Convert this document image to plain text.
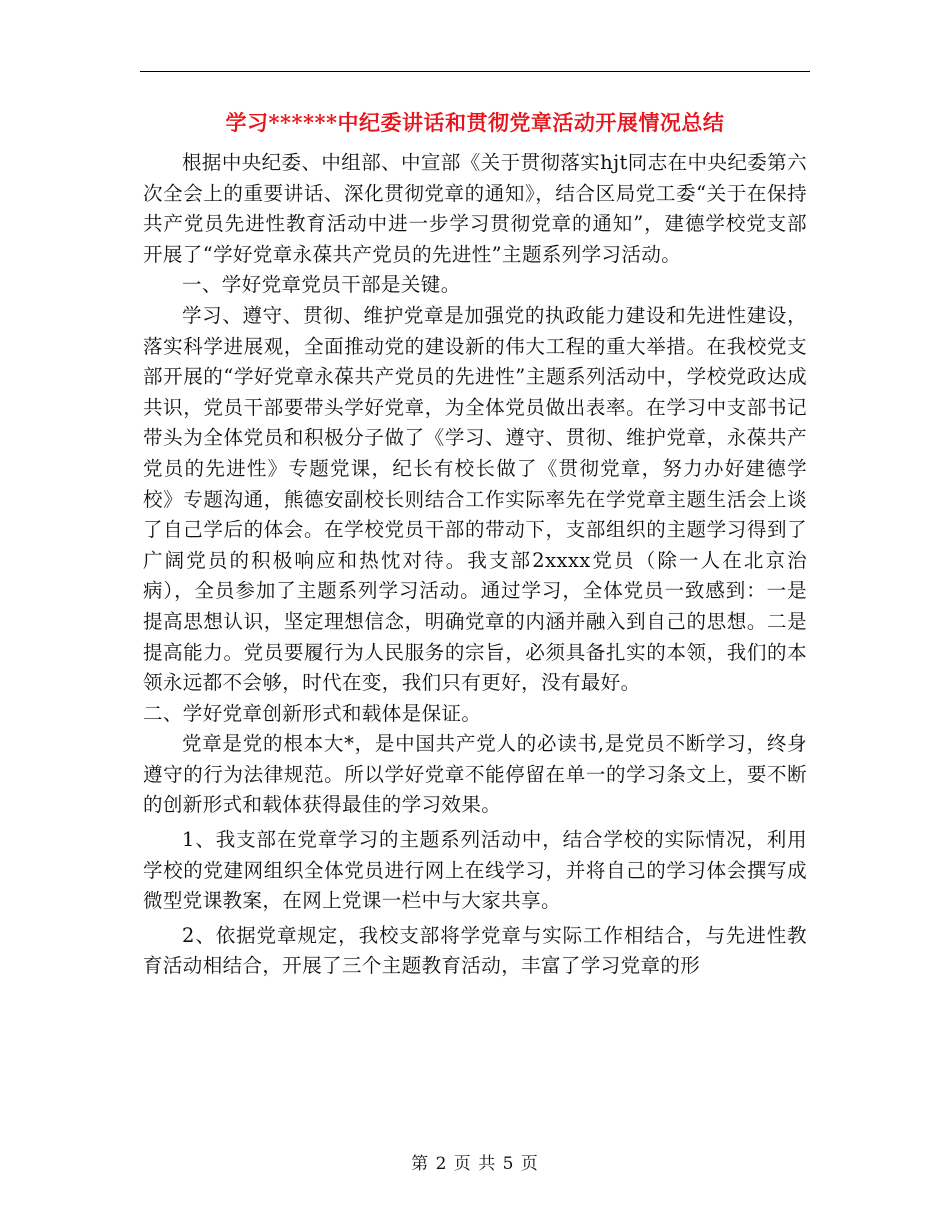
学习******中纪委讲话和贯彻党章活动开展情况总结

根据中央纪委、中组部、中宣部《关于贯彻落实hjt同志在中央纪委第六次全会上的重要讲话、深化贯彻党章的通知》，结合区局党工委“关于在保持共产党员先进性教育活动中进一步学习贯彻党章的通知”，建德学校党支部开展了“学好党章永葆共产党员的先进性”主题系列学习活动。

一、学好党章党员干部是关键。

学习、遵守、贯彻、维护党章是加强党的执政能力建设和先进性建设，落实科学进展观，全面推动党的建设新的伟大工程的重大举措。在我校党支部开展的“学好党章永葆共产党员的先进性”主题系列活动中，学校党政达成共识，党员干部要带头学好党章，为全体党员做出表率。在学习中支部书记带头为全体党员和积极分子做了《学习、遵守、贯彻、维护党章，永葆共产党员的先进性》专题党课，纪长有校长做了《贯彻党章，努力办好建德学校》专题沟通，熊德安副校长则结合工作实际率先在学党章主题生活会上谈了自己学后的体会。在学校党员干部的带动下，支部组织的主题学习得到了广阔党员的积极响应和热忱对待。我支部2xxxx党员（除一人在北京治病），全员参加了主题系列学习活动。通过学习，全体党员一致感到：一是提高思想认识，坚定理想信念，明确党章的内涵并融入到自己的思想。二是提高能力。党员要履行为人民服务的宗旨，必须具备扎实的本领，我们的本领永远都不会够，时代在变，我们只有更好，没有最好。

二、学好党章创新形式和载体是保证。

党章是党的根本大*，是中国共产党人的必读书,是党员不断学习，终身遵守的行为法律规范。所以学好党章不能停留在单一的学习条文上，要不断的创新形式和载体获得最佳的学习效果。

1、我支部在党章学习的主题系列活动中，结合学校的实际情况，利用学校的党建网组织全体党员进行网上在线学习，并将自己的学习体会撰写成微型党课教案，在网上党课一栏中与大家共享。

2、依据党章规定，我校支部将学党章与实际工作相结合，与先进性教育活动相结合，开展了三个主题教育活动，丰富了学习党章的形

第 2 页 共 5 页
